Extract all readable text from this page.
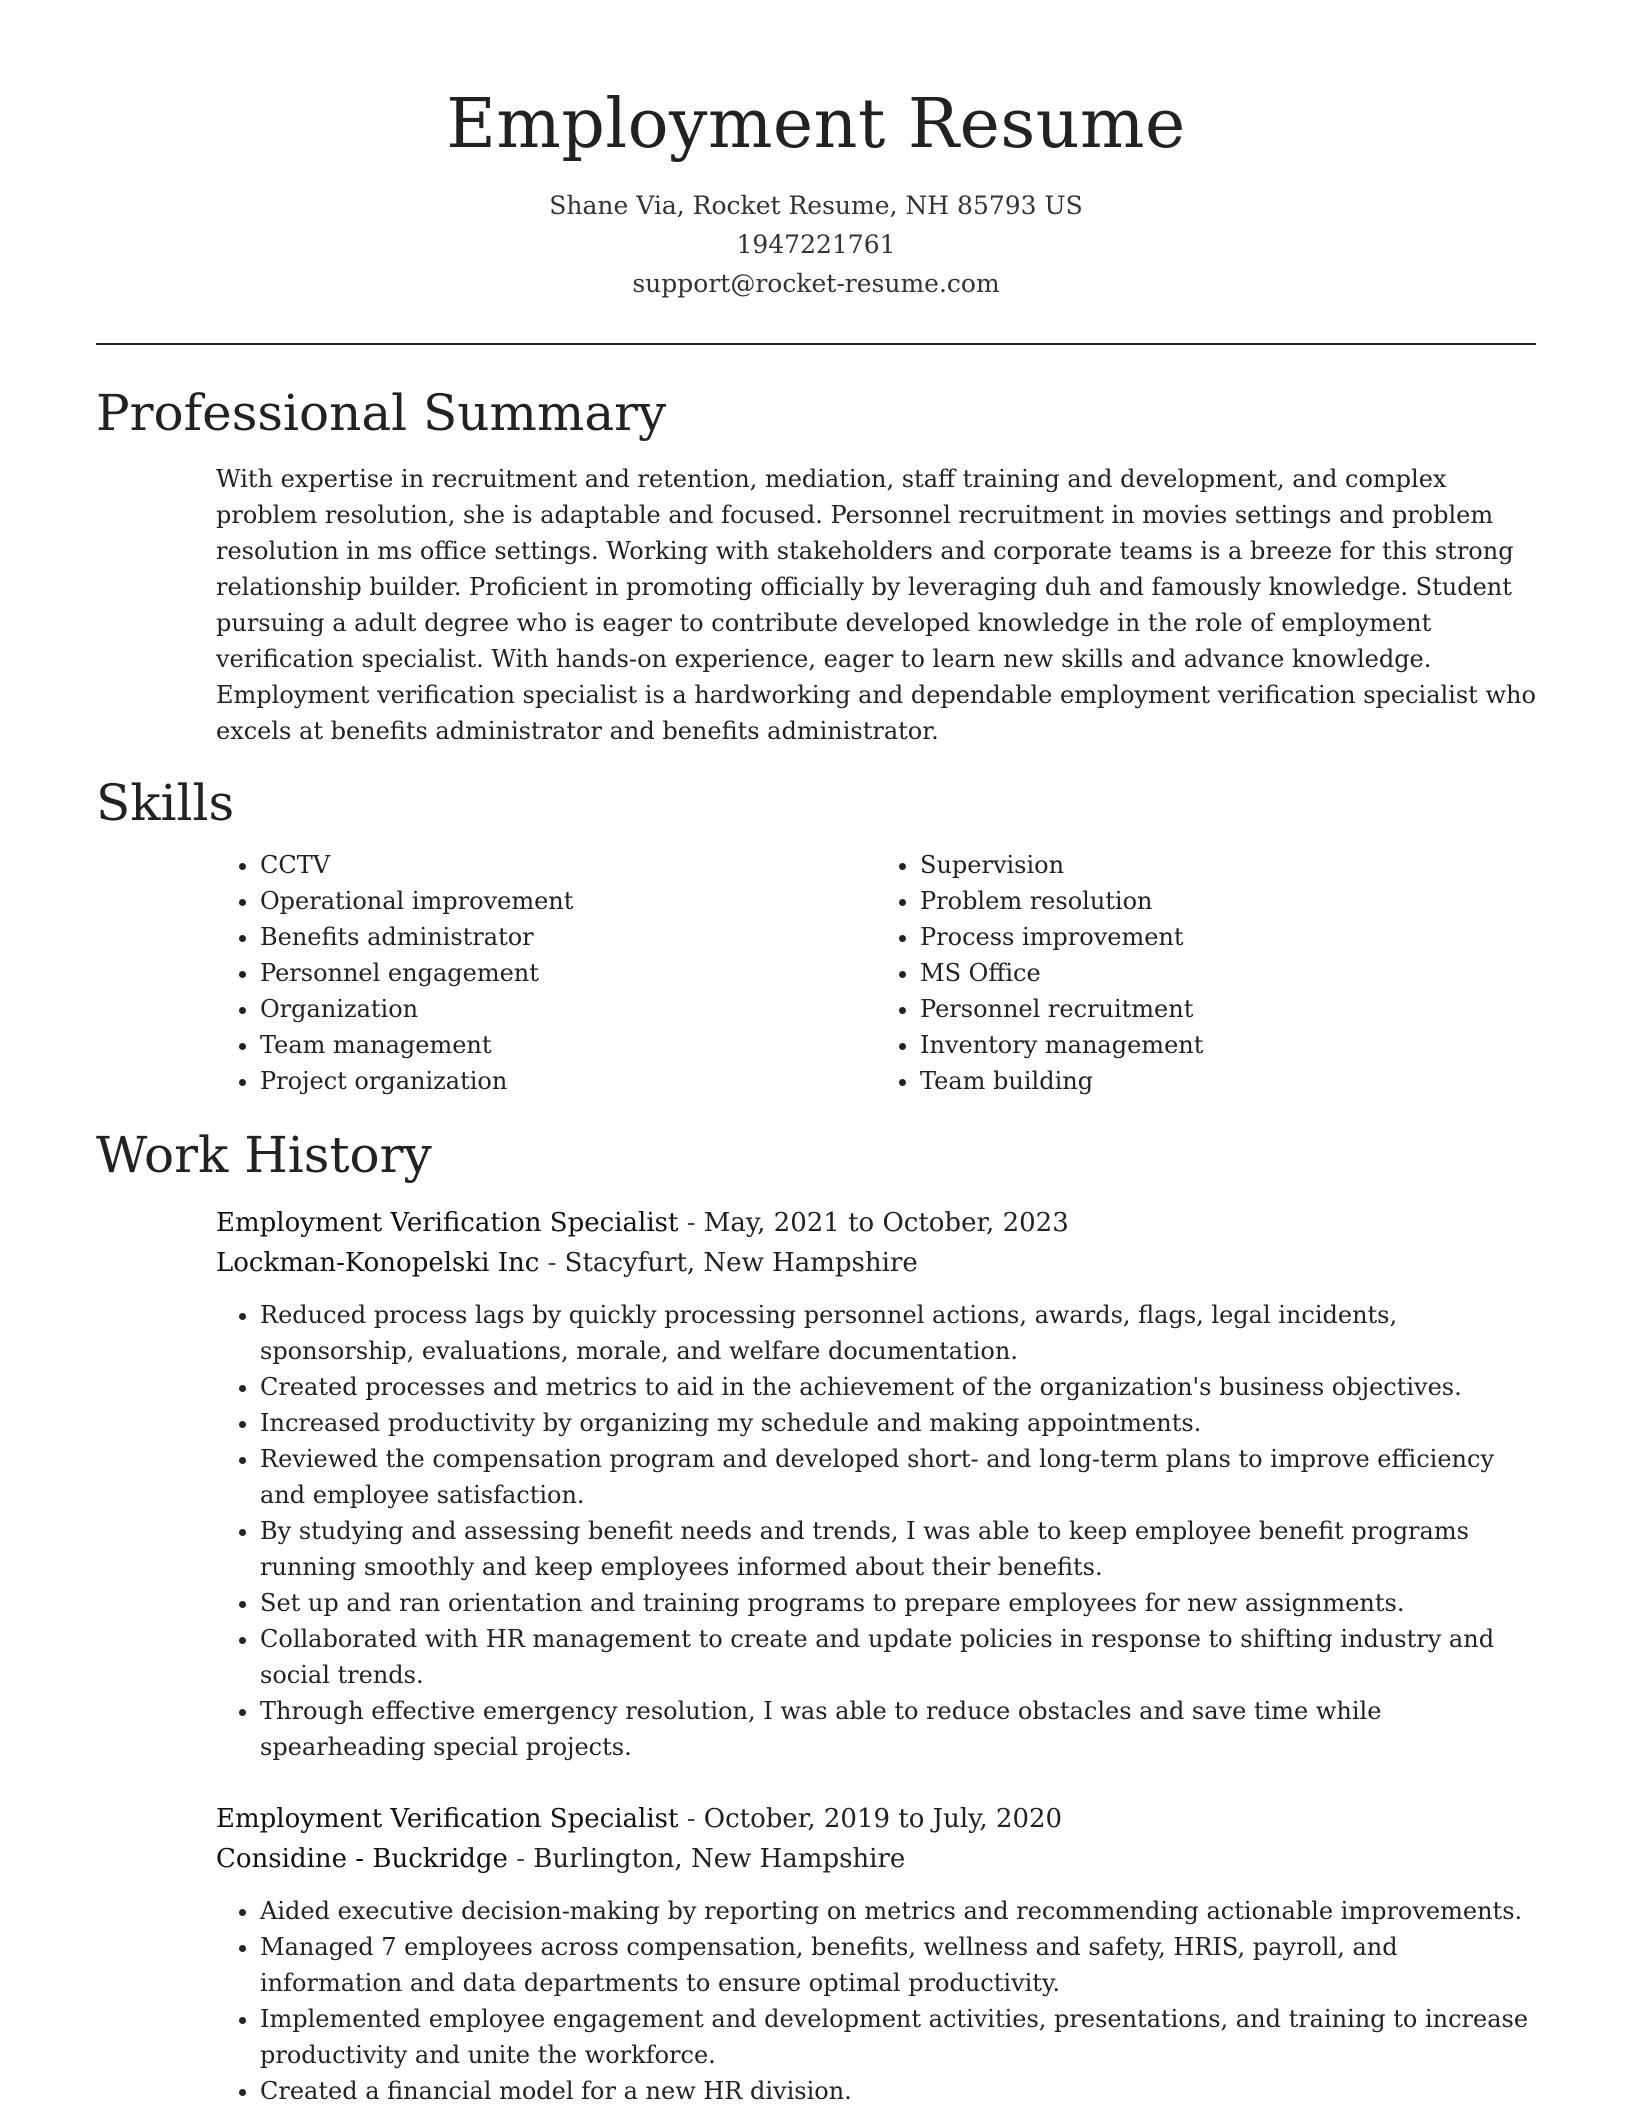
Employment Resume
Shane Via, Rocket Resume, NH 85793 US
1947221761
support@rocket-resume.com
Professional Summary

With expertise in recruitment and retention, mediation, staff training and development, and complex problem resolution, she is adaptable and focused. Personnel recruitment in movies settings and problem resolution in ms office settings. Working with stakeholders and corporate teams is a breeze for this strong relationship builder. Proficient in promoting officially by leveraging duh and famously knowledge. Student pursuing a adult degree who is eager to contribute developed knowledge in the role of employment verification specialist. With hands-on experience, eager to learn new skills and advance knowledge. Employment verification specialist is a hardworking and dependable employment verification specialist who excels at benefits administrator and benefits administrator.

Skills
• CCTV
• Operational improvement
• Benefits administrator
• Personnel engagement
• Organization
• Team management
• Project organization
• Supervision
• Problem resolution
• Process improvement
• MS Office
• Personnel recruitment
• Inventory management
• Team building
Work History
Employment Verification Specialist - May, 2021 to October, 2023
Lockman-Konopelski Inc - Stacyfurt, New Hampshire
• Reduced process lags by quickly processing personnel actions, awards, flags, legal incidents, sponsorship, evaluations, morale, and welfare documentation.
• Created processes and metrics to aid in the achievement of the organization's business objectives.
• Increased productivity by organizing my schedule and making appointments.
• Reviewed the compensation program and developed short- and long-term plans to improve efficiency and employee satisfaction.
• By studying and assessing benefit needs and trends, I was able to keep employee benefit programs running smoothly and keep employees informed about their benefits.
• Set up and ran orientation and training programs to prepare employees for new assignments.
• Collaborated with HR management to create and update policies in response to shifting industry and social trends.
• Through effective emergency resolution, I was able to reduce obstacles and save time while spearheading special projects.
Employment Verification Specialist - October, 2019 to July, 2020
Considine - Buckridge - Burlington, New Hampshire
• Aided executive decision-making by reporting on metrics and recommending actionable improvements.
• Managed 7 employees across compensation, benefits, wellness and safety, HRIS, payroll, and information and data departments to ensure optimal productivity.
• Implemented employee engagement and development activities, presentations, and training to increase productivity and unite the workforce.
• Created a financial model for a new HR division.
